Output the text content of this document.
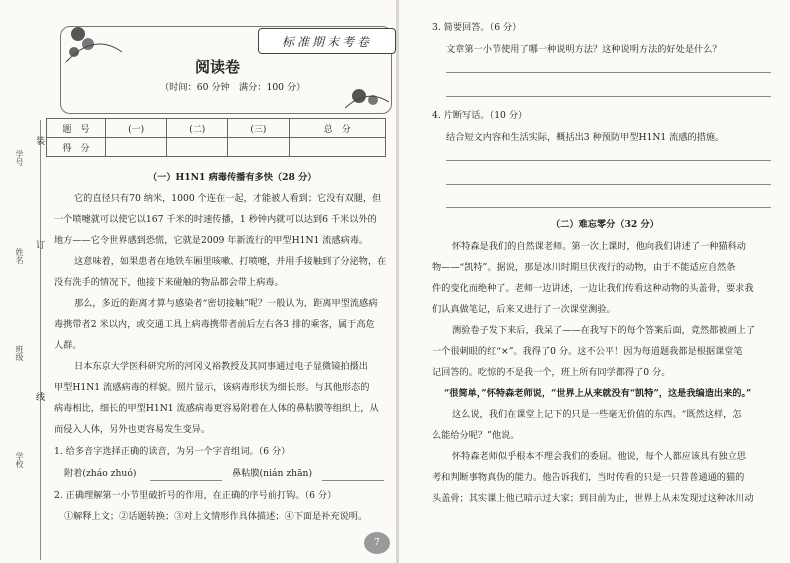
标准期末考卷
阅读卷
（时间：60 分钟　满分：100 分）
题　号	(一)	(二)	(三)	总　分
得　分				
学号
姓名
班级
学校
装
订
线
（一）H1N1 病毒传播有多快（28 分）
它的直径只有70 纳米，1000 个连在一起，才能被人看到；它没有双腿，但
一个喷嚏就可以使它以167 千米的时速传播，1 秒钟内就可以达到6 千米以外的
地方——它令世界感到恐慌，它就是2009 年新流行的甲型H1N1 流感病毒。
这意味着，如果患者在地铁车厢里咳嗽、打喷嚏，并用手接触到了分泌物，在
没有洗手的情况下，他接下来碰触的物品都会带上病毒。
那么，多近的距离才算与感染者“密切接触”呢？一般认为，距离甲型流感病
毒携带者2 米以内，或交通工具上病毒携带者前后左右各3 排的乘客，属于高危
人群。
日本东京大学医科研究所的河冈义裕教授及其同事通过电子显微镜拍摄出
甲型H1N1 流感病毒的样貌。照片显示，该病毒形状为细长形。与其他形态的
病毒相比，细长的甲型H1N1 流感病毒更容易附着在人体的鼻粘膜等组织上，从
而侵入人体，另外也更容易发生变异。
1. 给多音字选择正确的读音，为另一个字音组词。（6 分）
附着(zháo zhuó)	鼻粘膜(nián zhān)
2. 正确理解第一小节里破折号的作用，在正确的序号前打钩。（6 分）
①解释上文；②话题转换；③对上文情形作具体描述；④下面是补充说明。
7
3. 简要回答。（6 分）
文章第一小节使用了哪一种说明方法？这种说明方法的好处是什么？
4. 片断写话。（10 分）
结合短文内容和生活实际，概括出3 种预防甲型H1N1 流感的措施。
（二）难忘零分（32 分）
怀特森是我们的自然课老师。第一次上课时，他向我们讲述了一种猫科动
物——“凯特”。据说，那是冰川时期旦伏夜行的动物，由于不能适应自然条
件的变化而绝种了。老师一边讲述，一边让我们传看这种动物的头盖骨，要求我
们认真做笔记，后来又进行了一次课堂测验。
测验卷子发下来后，我呆了——在我写下的每个答案后面，竟然都被画上了
一个很刺眼的红“×”。我得了0 分。这不公平！因为每道题我都是根据课堂笔
记回答的。吃惊的不是我一个，班上所有同学都得了0 分。
“很简单，”怀特森老师说，“世界上从来就没有“凯特”，这是我编造出来的。”
这么说，我们在课堂上记下的只是一些毫无价值的东西。“既然这样，怎
么能给分呢？”他说。
怀特森老师似乎根本不理会我们的委屈。他说，每个人都应该具有独立思
考和判断事物真伪的能力。他告诉我们，当时传看的只是一只普普通通的猫的
头盖骨；其实课上他已暗示过大家；到目前为止，世界上从未发现过这种冰川动
